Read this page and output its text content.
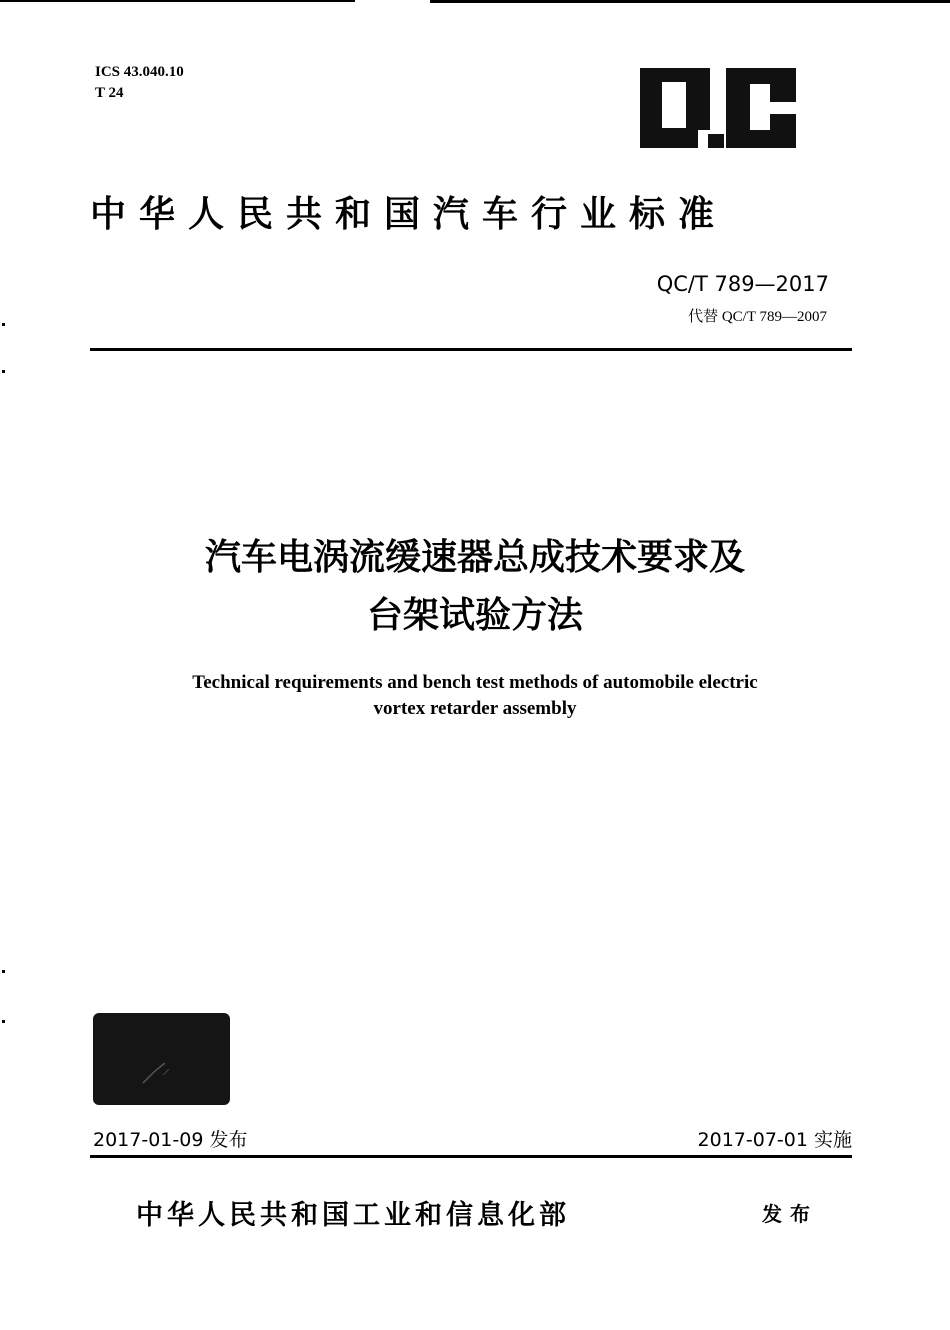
ICS 43.040.10
T 24
中华人民共和国汽车行业标准
QC/T 789—2017
代替 QC/T 789—2007
汽车电涡流缓速器总成技术要求及
台架试验方法
Technical requirements and bench test methods of automobile electric
vortex retarder assembly
2017-01-09 发布	2017-07-01 实施
中华人民共和国工业和信息化部	发布
